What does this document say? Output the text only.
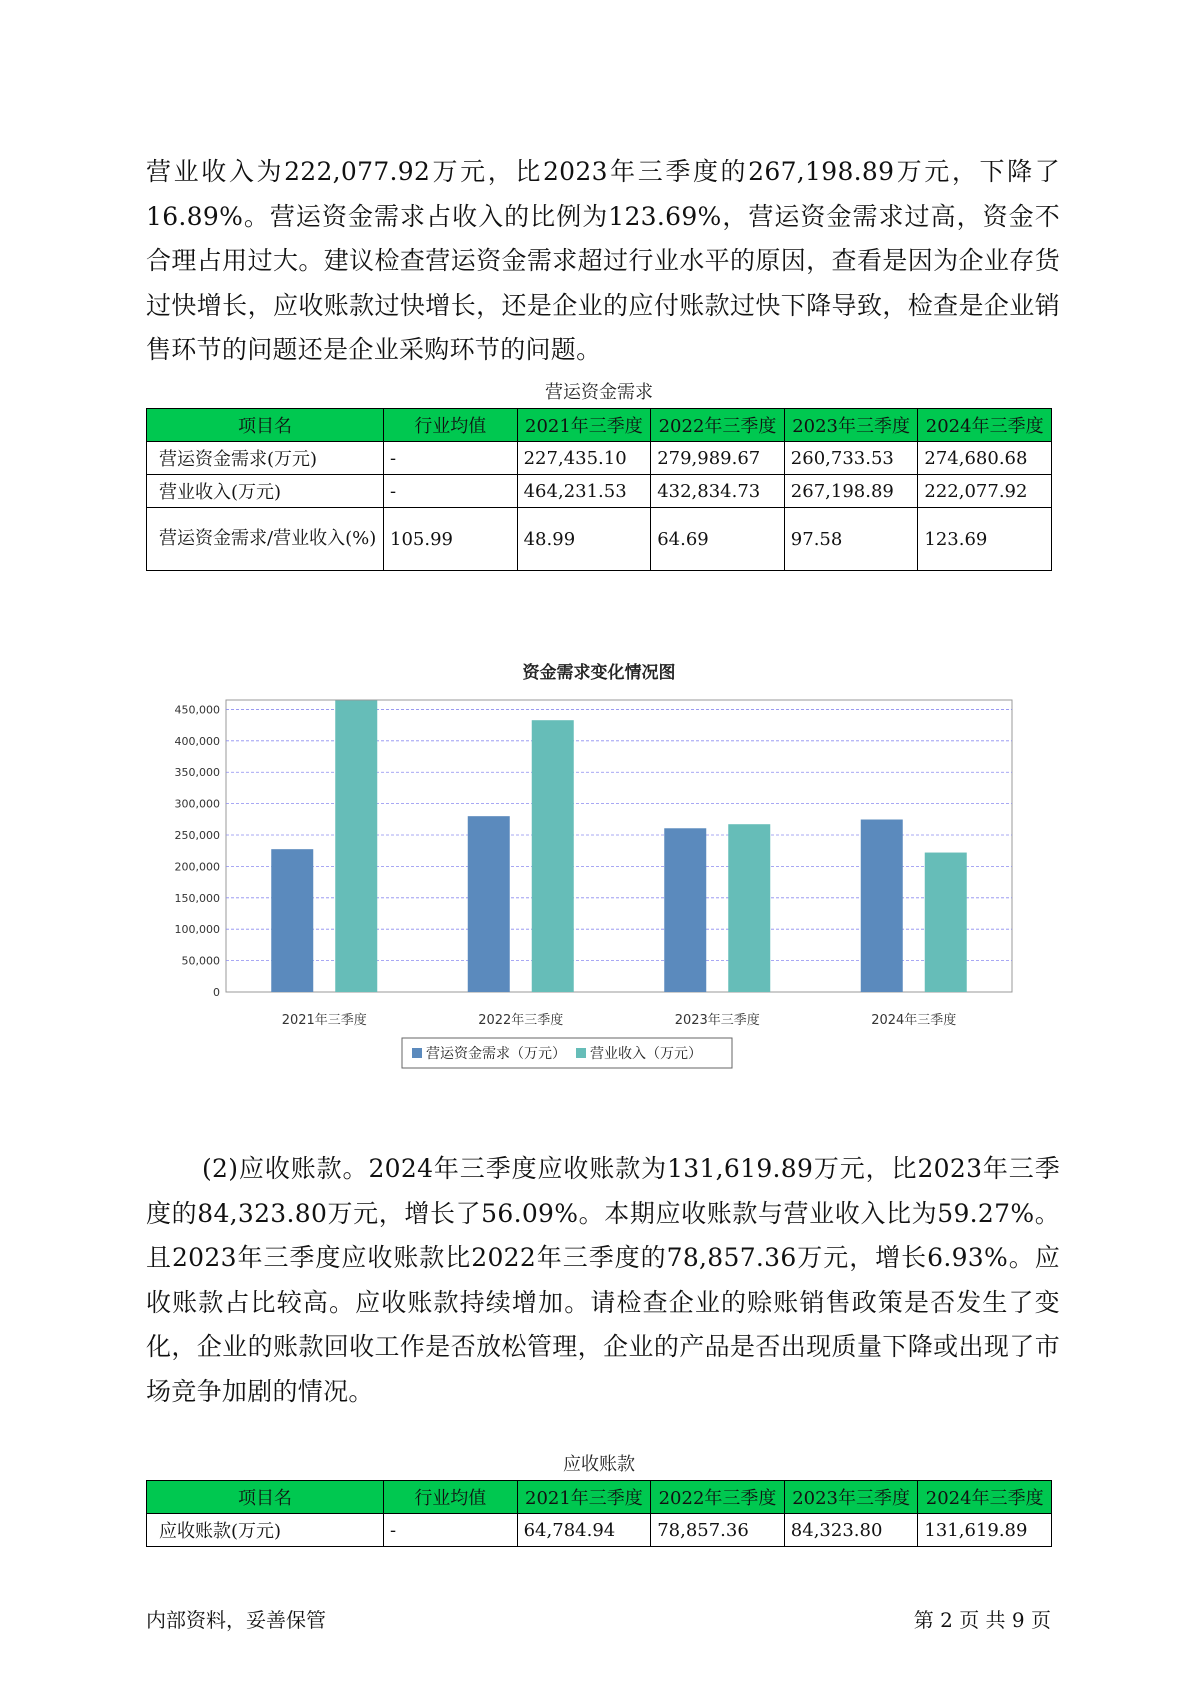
营业收入为222,077.92万元，比2023年三季度的267,198.89万元，下降了16.89%。营运资金需求占收入的比例为123.69%，营运资金需求过高，资金不合理占用过大。建议检查营运资金需求超过行业水平的原因，查看是因为企业存货过快增长，应收账款过快增长，还是企业的应付账款过快下降导致，检查是企业销售环节的问题还是企业采购环节的问题。

营运资金需求
项目名	行业均值	2021年三季度	2022年三季度	2023年三季度	2024年三季度
营运资金需求(万元)	-	227,435.10	279,989.67	260,733.53	274,680.68
营业收入(万元)	-	464,231.53	432,834.73	267,198.89	222,077.92
营运资金需求/营业收入(%)	105.99	48.99	64.69	97.58	123.69
资金需求变化情况图
0
50,000
100,000
150,000
200,000
250,000
300,000
350,000
400,000
450,000
2021年三季度	2022年三季度	2023年三季度	2024年三季度
营运资金需求（万元） 营业收入（万元）

(2)应收账款。2024年三季度应收账款为131,619.89万元，比2023年三季度的84,323.80万元，增长了56.09%。本期应收账款与营业收入比为59.27%。且2023年三季度应收账款比2022年三季度的78,857.36万元，增长6.93%。应收账款占比较高。应收账款持续增加。请检查企业的赊账销售政策是否发生了变化，企业的账款回收工作是否放松管理，企业的产品是否出现质量下降或出现了市场竞争加剧的情况。

应收账款
项目名	行业均值	2021年三季度	2022年三季度	2023年三季度	2024年三季度
应收账款(万元)	-	64,784.94	78,857.36	84,323.80	131,619.89
内部资料，妥善保管	第 2 页 共 9 页
